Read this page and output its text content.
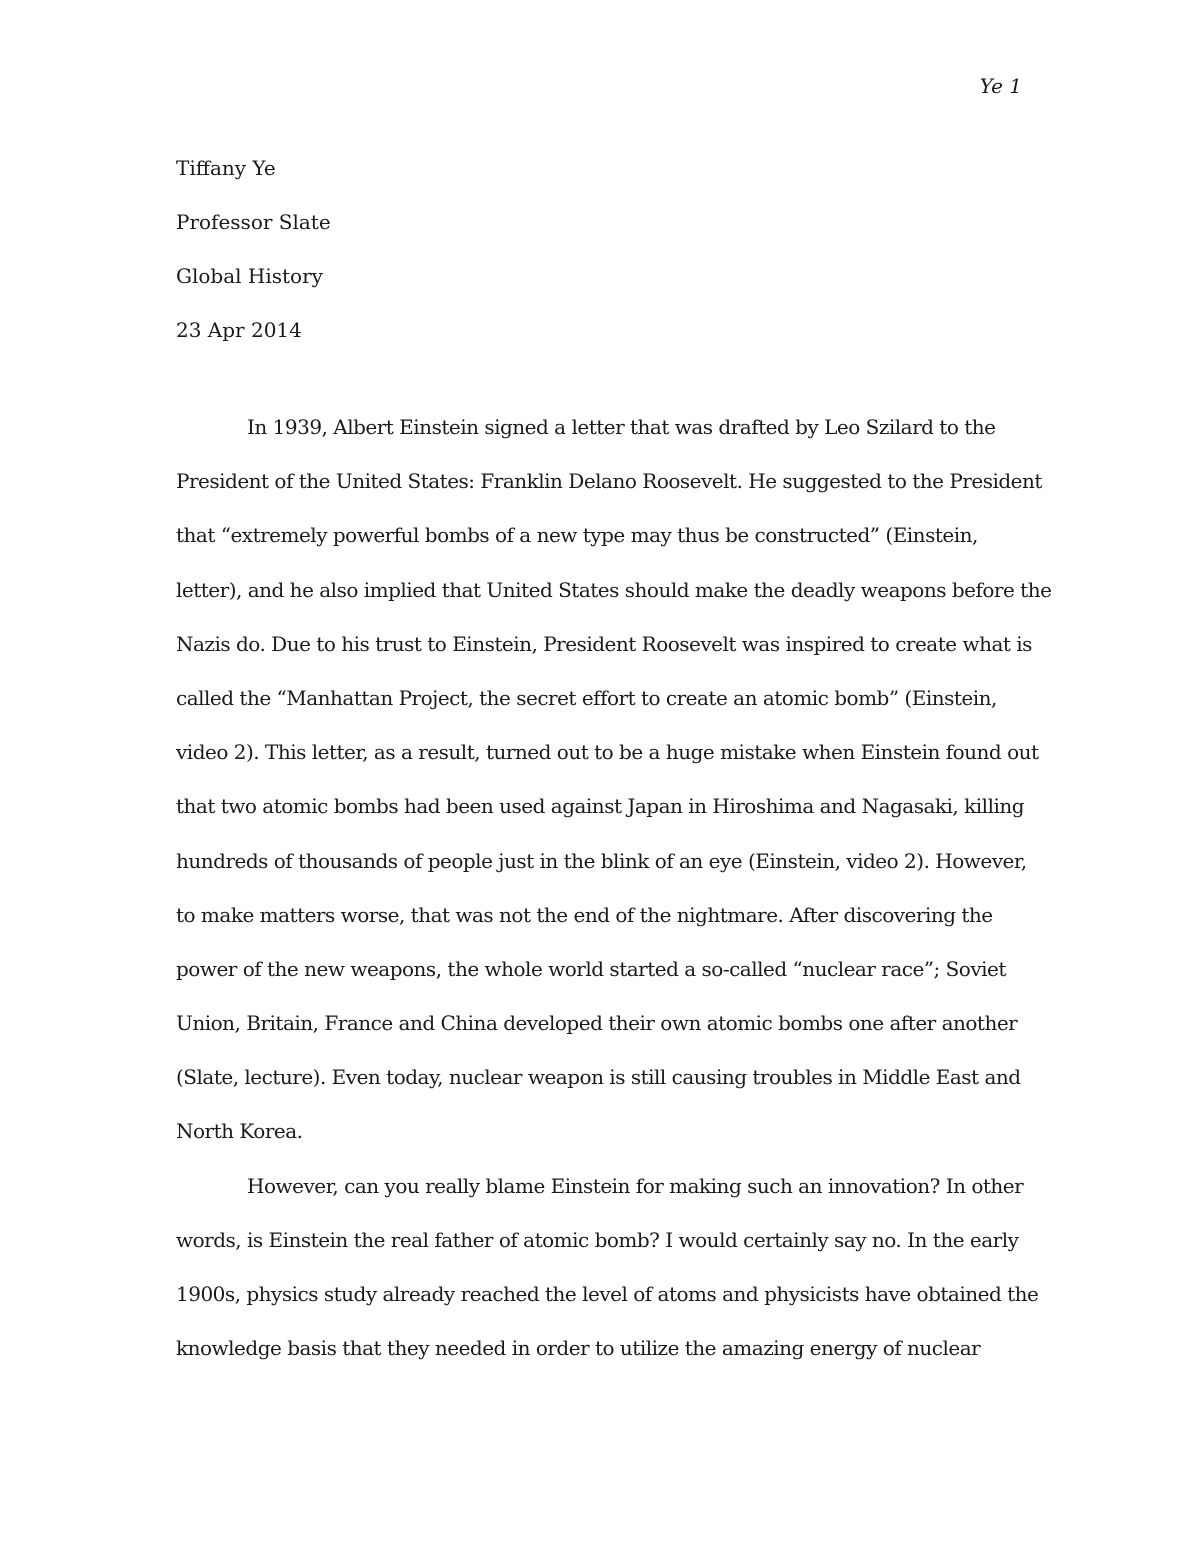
Ye 1
Tiffany Ye
Professor Slate
Global History
23 Apr 2014
In 1939, Albert Einstein signed a letter that was drafted by Leo Szilard to the
President of the United States: Franklin Delano Roosevelt. He suggested to the President
that “extremely powerful bombs of a new type may thus be constructed” (Einstein,
letter), and he also implied that United States should make the deadly weapons before the
Nazis do. Due to his trust to Einstein, President Roosevelt was inspired to create what is
called the “Manhattan Project, the secret effort to create an atomic bomb” (Einstein,
video 2). This letter, as a result, turned out to be a huge mistake when Einstein found out
that two atomic bombs had been used against Japan in Hiroshima and Nagasaki, killing
hundreds of thousands of people just in the blink of an eye (Einstein, video 2). However,
to make matters worse, that was not the end of the nightmare. After discovering the
power of the new weapons, the whole world started a so-called “nuclear race”; Soviet
Union, Britain, France and China developed their own atomic bombs one after another
(Slate, lecture). Even today, nuclear weapon is still causing troubles in Middle East and
North Korea.
However, can you really blame Einstein for making such an innovation? In other
words, is Einstein the real father of atomic bomb? I would certainly say no. In the early
1900s, physics study already reached the level of atoms and physicists have obtained the
knowledge basis that they needed in order to utilize the amazing energy of nuclear
